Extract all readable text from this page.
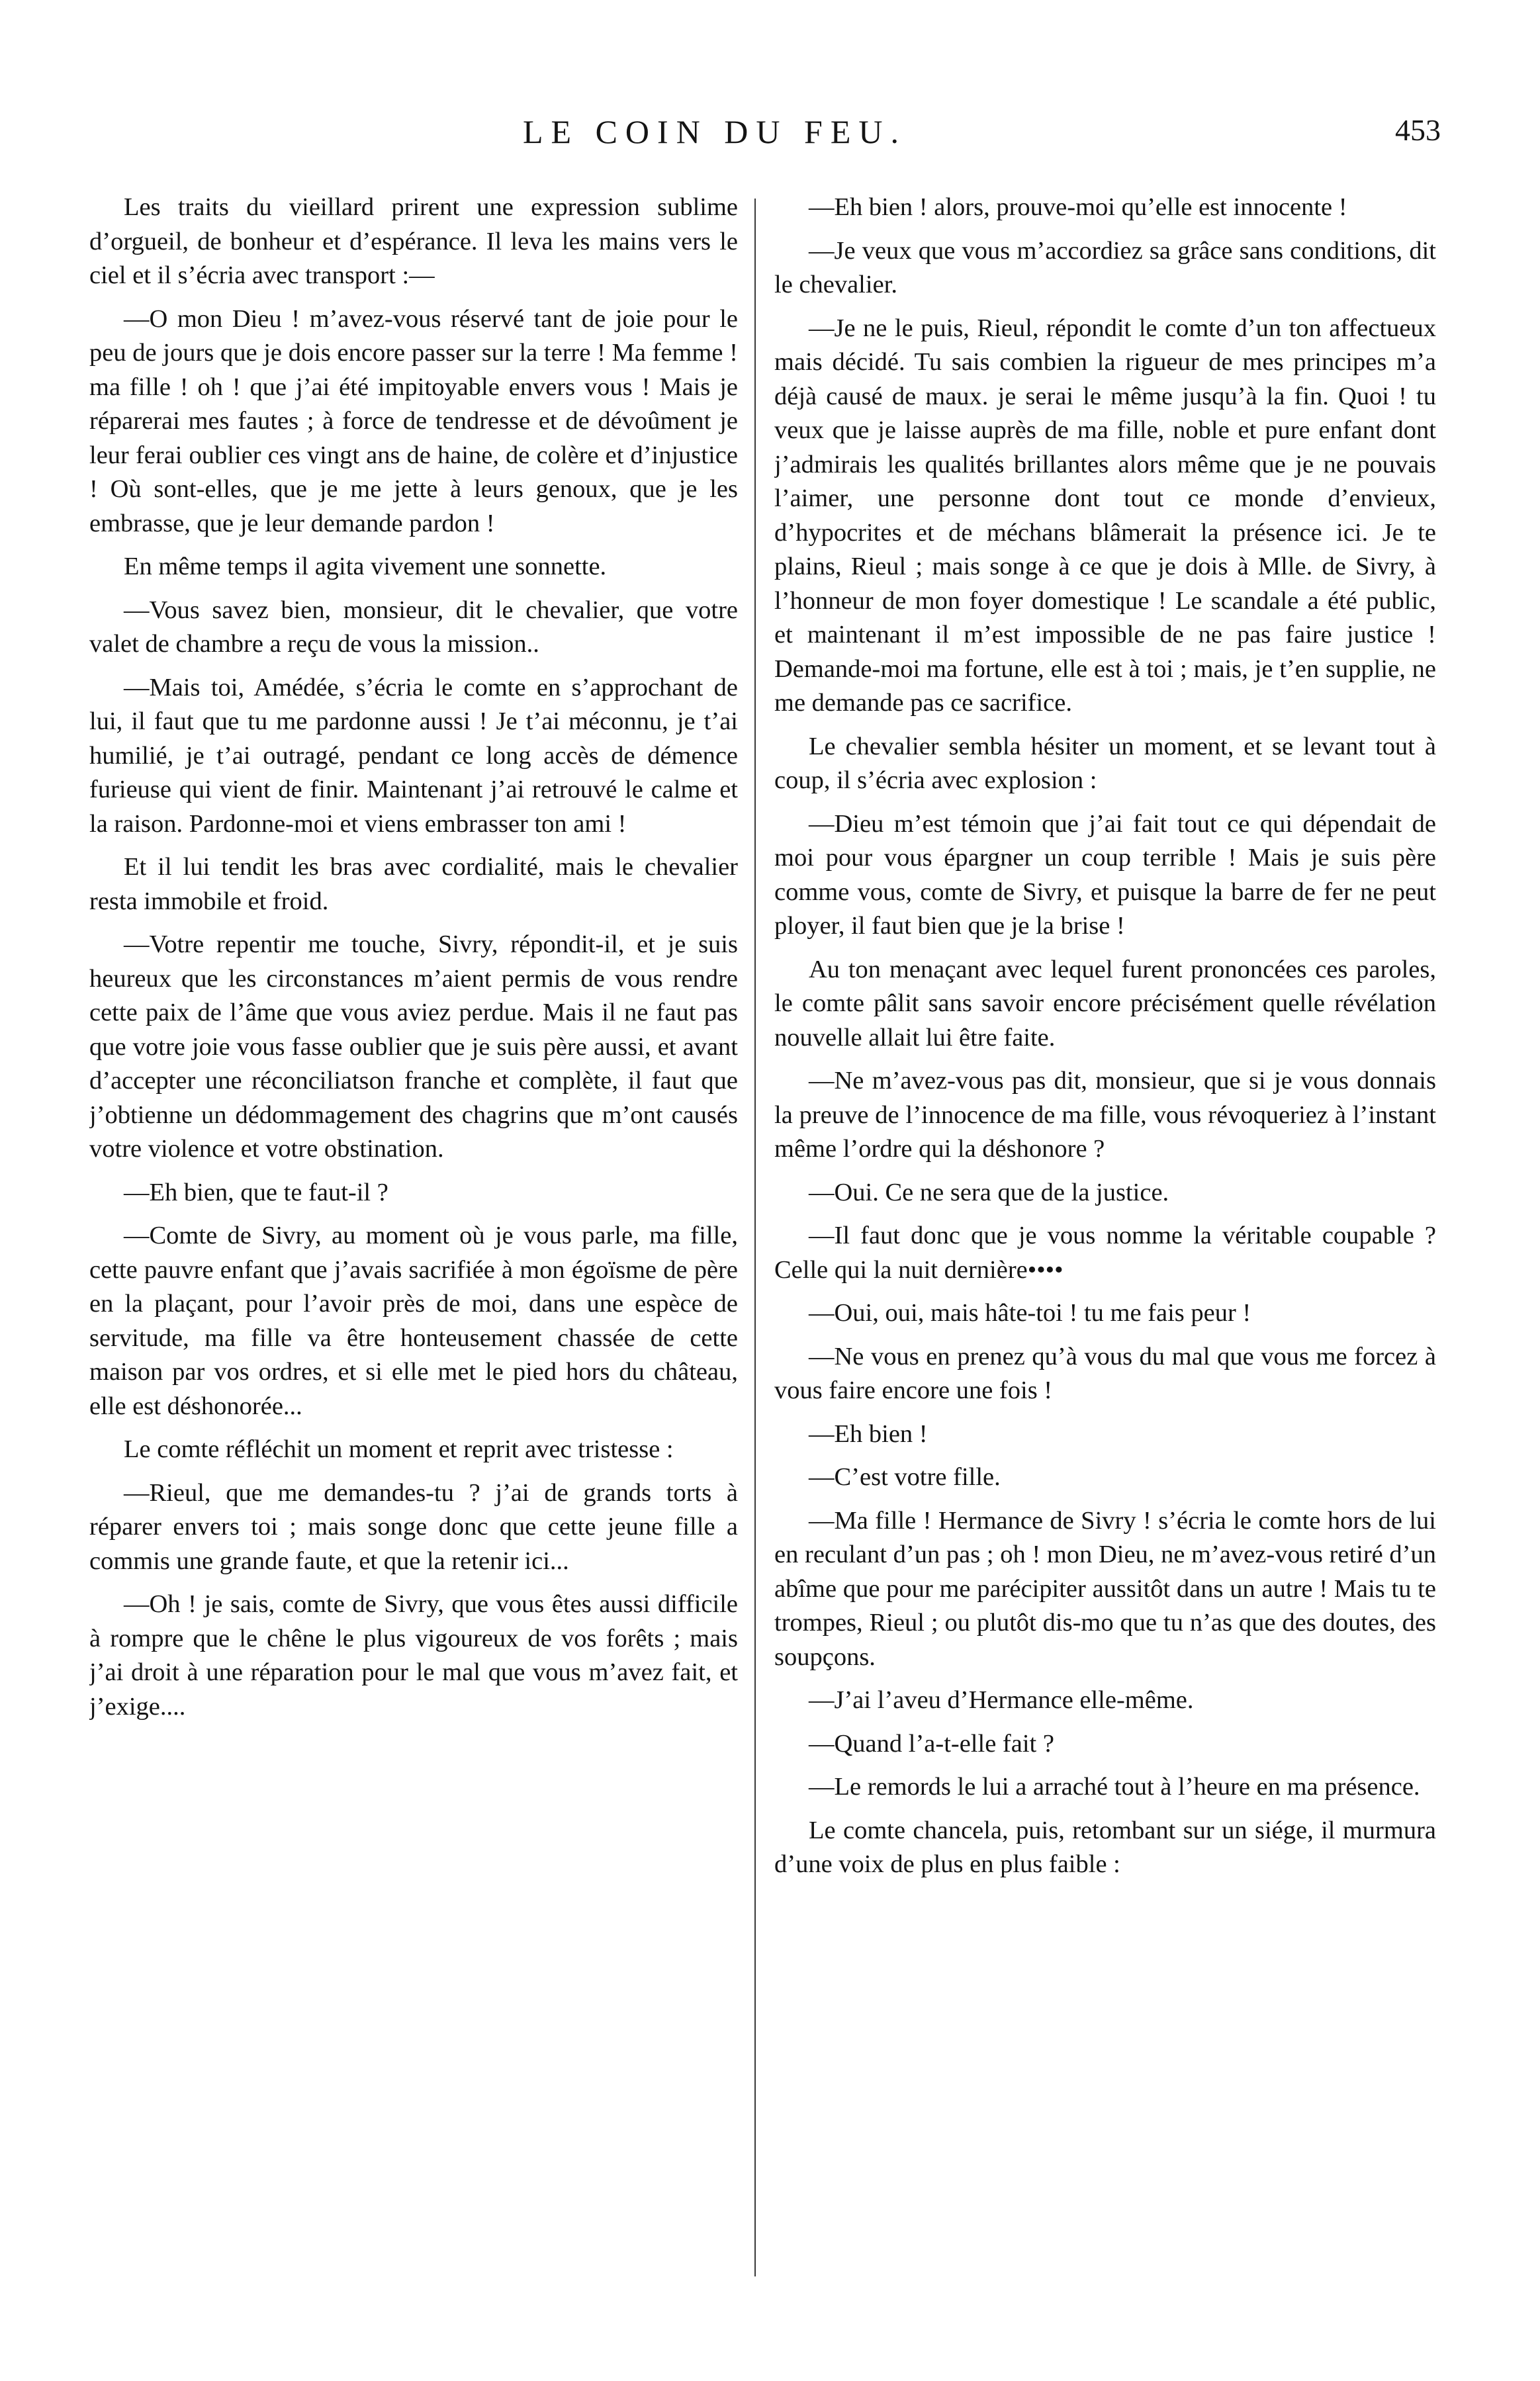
LE COIN DU FEU.	453

Les traits du vieillard prirent une expression sublime d’orgueil, de bonheur et d’espérance. Il leva les mains vers le ciel et il s’écria avec transport :—

—O mon Dieu ! m’avez-vous réservé tant de joie pour le peu de jours que je dois encore passer sur la terre ! Ma femme ! ma fille ! oh ! que j’ai été impitoyable envers vous ! Mais je réparerai mes fautes ; à force de tendresse et de dévoûment je leur ferai oublier ces vingt ans de haine, de colère et d’injustice ! Où sont-elles, que je me jette à leurs genoux, que je les embrasse, que je leur demande pardon !

En même temps il agita vivement une sonnette.

—Vous savez bien, monsieur, dit le chevalier, que votre valet de chambre a reçu de vous la mission..

—Mais toi, Amédée, s’écria le comte en s’approchant de lui, il faut que tu me pardonne aussi ! Je t’ai méconnu, je t’ai humilié, je t’ai outragé, pendant ce long accès de démence furieuse qui vient de finir. Maintenant j’ai retrouvé le calme et la raison. Pardonne-moi et viens embrasser ton ami !

Et il lui tendit les bras avec cordialité, mais le chevalier resta immobile et froid.

—Votre repentir me touche, Sivry, répondit-il, et je suis heureux que les circonstances m’aient permis de vous rendre cette paix de l’âme que vous aviez perdue. Mais il ne faut pas que votre joie vous fasse oublier que je suis père aussi, et avant d’accepter une réconciliatson franche et complète, il faut que j’obtienne un dédommagement des chagrins que m’ont causés votre violence et votre obstination.

—Eh bien, que te faut-il ?

—Comte de Sivry, au moment où je vous parle, ma fille, cette pauvre enfant que j’avais sacrifiée à mon égoïsme de père en la plaçant, pour l’avoir près de moi, dans une espèce de servitude, ma fille va être honteusement chassée de cette maison par vos ordres, et si elle met le pied hors du château, elle est déshonorée...

Le comte réfléchit un moment et reprit avec tristesse :

—Rieul, que me demandes-tu ? j’ai de grands torts à réparer envers toi ; mais songe donc que cette jeune fille a commis une grande faute, et que la retenir ici...

—Oh ! je sais, comte de Sivry, que vous êtes aussi difficile à rompre que le chêne le plus vigoureux de vos forêts ; mais j’ai droit à une réparation pour le mal que vous m’avez fait, et j’exige....

—Eh bien ! alors, prouve-moi qu’elle est innocente !

—Je veux que vous m’accordiez sa grâce sans conditions, dit le chevalier.

—Je ne le puis, Rieul, répondit le comte d’un ton affectueux mais décidé. Tu sais combien la rigueur de mes principes m’a déjà causé de maux. je serai le même jusqu’à la fin. Quoi ! tu veux que je laisse auprès de ma fille, noble et pure enfant dont j’admirais les qualités brillantes alors même que je ne pouvais l’aimer, une personne dont tout ce monde d’envieux, d’hypocrites et de méchans blâmerait la présence ici. Je te plains, Rieul ; mais songe à ce que je dois à Mlle. de Sivry, à l’honneur de mon foyer domestique ! Le scandale a été public, et maintenant il m’est impossible de ne pas faire justice ! Demande-moi ma fortune, elle est à toi ; mais, je t’en supplie, ne me demande pas ce sacrifice.

Le chevalier sembla hésiter un moment, et se levant tout à coup, il s’écria avec explosion :

—Dieu m’est témoin que j’ai fait tout ce qui dépendait de moi pour vous épargner un coup terrible ! Mais je suis père comme vous, comte de Sivry, et puisque la barre de fer ne peut ployer, il faut bien que je la brise !

Au ton menaçant avec lequel furent prononcées ces paroles, le comte pâlit sans savoir encore précisément quelle révélation nouvelle allait lui être faite.

—Ne m’avez-vous pas dit, monsieur, que si je vous donnais la preuve de l’innocence de ma fille, vous révoqueriez à l’instant même l’ordre qui la déshonore ?

—Oui. Ce ne sera que de la justice.

—Il faut donc que je vous nomme la véritable coupable ? Celle qui la nuit dernière••••

—Oui, oui, mais hâte-toi ! tu me fais peur !

—Ne vous en prenez qu’à vous du mal que vous me forcez à vous faire encore une fois !

—Eh bien !

—C’est votre fille.

—Ma fille ! Hermance de Sivry ! s’écria le comte hors de lui en reculant d’un pas ; oh ! mon Dieu, ne m’avez-vous retiré d’un abîme que pour me parécipiter aussitôt dans un autre ! Mais tu te trompes, Rieul ; ou plutôt dis-mo que tu n’as que des doutes, des soupçons.

—J’ai l’aveu d’Hermance elle-même.

—Quand l’a-t-elle fait ?

—Le remords le lui a arraché tout à l’heure en ma présence.

Le comte chancela, puis, retombant sur un siége, il murmura d’une voix de plus en plus faible :
